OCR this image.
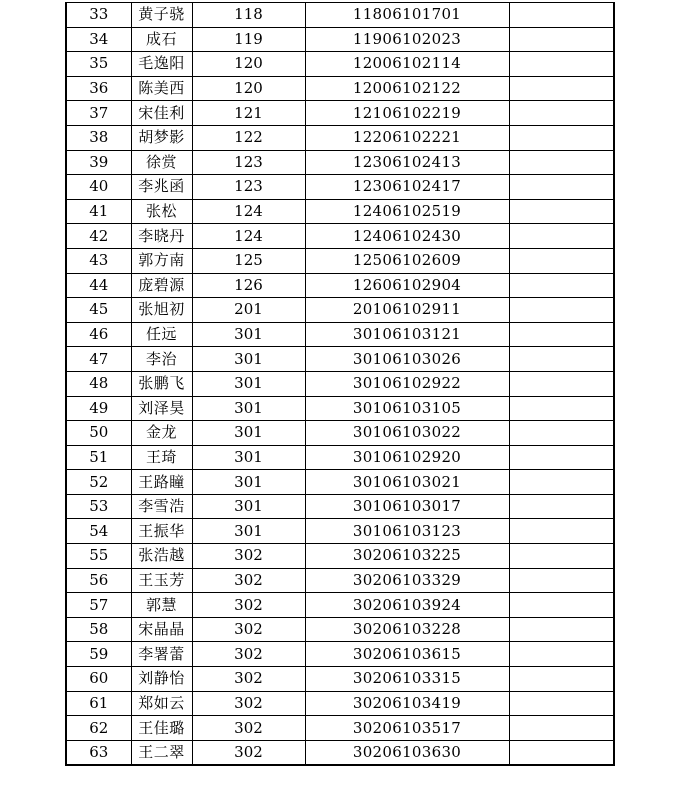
33	黄子骁	118	11806101701	
34	成石	119	11906102023	
35	毛逸阳	120	12006102114	
36	陈美西	120	12006102122	
37	宋佳利	121	12106102219	
38	胡梦影	122	12206102221	
39	徐赏	123	12306102413	
40	李兆函	123	12306102417	
41	张松	124	12406102519	
42	李晓丹	124	12406102430	
43	郭方南	125	12506102609	
44	庞碧源	126	12606102904	
45	张旭初	201	20106102911	
46	任远	301	30106103121	
47	李治	301	30106103026	
48	张鹏飞	301	30106102922	
49	刘泽昊	301	30106103105	
50	金龙	301	30106103022	
51	王琦	301	30106102920	
52	王路瞳	301	30106103021	
53	李雪浩	301	30106103017	
54	王振华	301	30106103123	
55	张浩越	302	30206103225	
56	王玉芳	302	30206103329	
57	郭慧	302	30206103924	
58	宋晶晶	302	30206103228	
59	李署蕾	302	30206103615	
60	刘静怡	302	30206103315	
61	郑如云	302	30206103419	
62	王佳璐	302	30206103517	
63	王二翠	302	30206103630	
